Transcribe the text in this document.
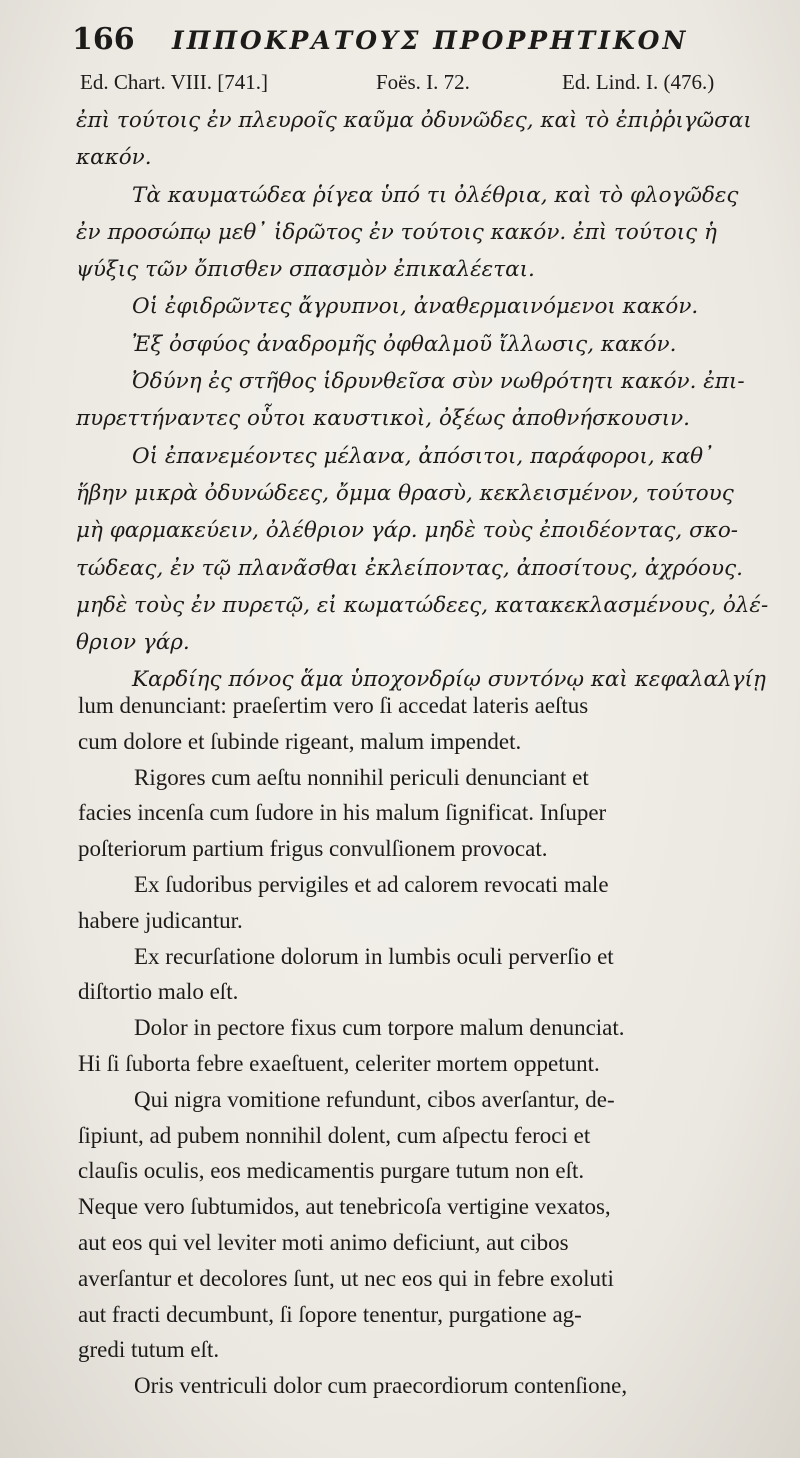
166 ΙΠΠΟΚΡΑΤΟΥΣ ΠΡΟΡΡΗΤΙΚΟΝ
Ed. Chart. VIII. [741.]	Foës. I. 72.	Ed. Lind. I. (476.)
ἐπὶ τούτοις ἐν πλευροῖς καῦμα ὀδυνῶδες, καὶ τὸ ἐπιῤῥιγῶσαι
κακόν.
Τὰ καυματώδεα ῥίγεα ὑπό τι ὀλέθρια, καὶ τὸ φλογῶδες
ἐν προσώπῳ μεθ᾽ ἱδρῶτος ἐν τούτοις κακόν. ἐπὶ τούτοις ἡ
ψύξις τῶν ὄπισθεν σπασμὸν ἐπικαλέεται.
Οἱ ἐφιδρῶντες ἄγρυπνοι, ἀναθερμαινόμενοι κακόν.
Ἐξ ὀσφύος ἀναδρομῆς ὀφθαλμοῦ ἴλλωσις, κακόν.
Ὀδύνη ἐς στῆθος ἱδρυνθεῖσα σὺν νωθρότητι κακόν. ἐπι-
πυρεττήναντες οὗτοι καυστικοὶ, ὀξέως ἀποθνήσκουσιν.
Οἱ ἐπανεμέοντες μέλανα, ἀπόσιτοι, παράφοροι, καθ᾽
ἥβην μικρὰ ὀδυνώδεες, ὄμμα θρασὺ, κεκλεισμένον, τούτους
μὴ φαρμακεύειν, ὀλέθριον γάρ. μηδὲ τοὺς ἐποιδέοντας, σκο-
τώδεας, ἐν τῷ πλανᾶσθαι ἐκλείποντας, ἀποσίτους, ἀχρόους.
μηδὲ τοὺς ἐν πυρετῷ, εἰ κωματώδεες, κατακεκλασμένους, ὀλέ-
θριον γάρ.
Καρδίης πόνος ἅμα ὑποχονδρίῳ συντόνῳ καὶ κεφαλαλγίῃ
lum denunciant: praeſertim vero ſi accedat lateris aeſtus
cum dolore et ſubinde rigeant, malum impendet.
Rigores cum aeſtu nonnihil periculi denunciant et
facies incenſa cum ſudore in his malum ſignificat. Inſuper
poſteriorum partium frigus convulſionem provocat.
Ex ſudoribus pervigiles et ad calorem revocati male
habere judicantur.
Ex recurſatione dolorum in lumbis oculi perverſio et
diſtortio malo eſt.
Dolor in pectore fixus cum torpore malum denunciat.
Hi ſi ſuborta febre exaeſtuent, celeriter mortem oppetunt.
Qui nigra vomitione refundunt, cibos averſantur, de-
ſipiunt, ad pubem nonnihil dolent, cum aſpectu feroci et
clauſis oculis, eos medicamentis purgare tutum non eſt.
Neque vero ſubtumidos, aut tenebricoſa vertigine vexatos,
aut eos qui vel leviter moti animo deficiunt, aut cibos
averſantur et decolores ſunt, ut nec eos qui in febre exoluti
aut fracti decumbunt, ſi ſopore tenentur, purgatione ag-
gredi tutum eſt.
Oris ventriculi dolor cum praecordiorum contenſione,
